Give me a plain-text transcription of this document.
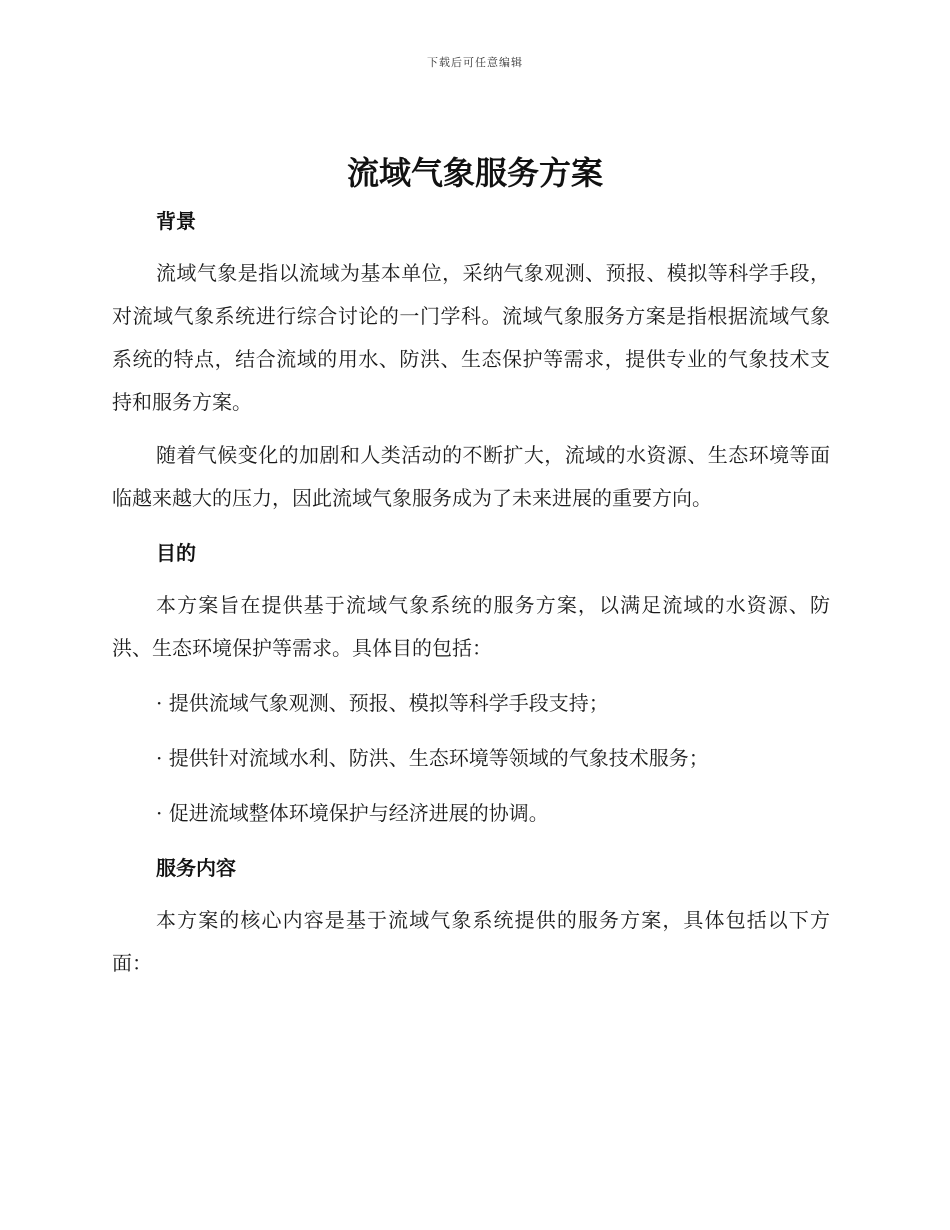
下载后可任意编辑
流域气象服务方案
背景

流域气象是指以流域为基本单位，采纳气象观测、预报、模拟等科学手段，对流域气象系统进行综合讨论的一门学科。流域气象服务方案是指根据流域气象系统的特点，结合流域的用水、防洪、生态保护等需求，提供专业的气象技术支持和服务方案。

随着气候变化的加剧和人类活动的不断扩大，流域的水资源、生态环境等面临越来越大的压力，因此流域气象服务成为了未来进展的重要方向。

目的

本方案旨在提供基于流域气象系统的服务方案，以满足流域的水资源、防洪、生态环境保护等需求。具体目的包括：

· 提供流域气象观测、预报、模拟等科学手段支持；

· 提供针对流域水利、防洪、生态环境等领域的气象技术服务；

· 促进流域整体环境保护与经济进展的协调。

服务内容

本方案的核心内容是基于流域气象系统提供的服务方案，具体包括以下方面：
